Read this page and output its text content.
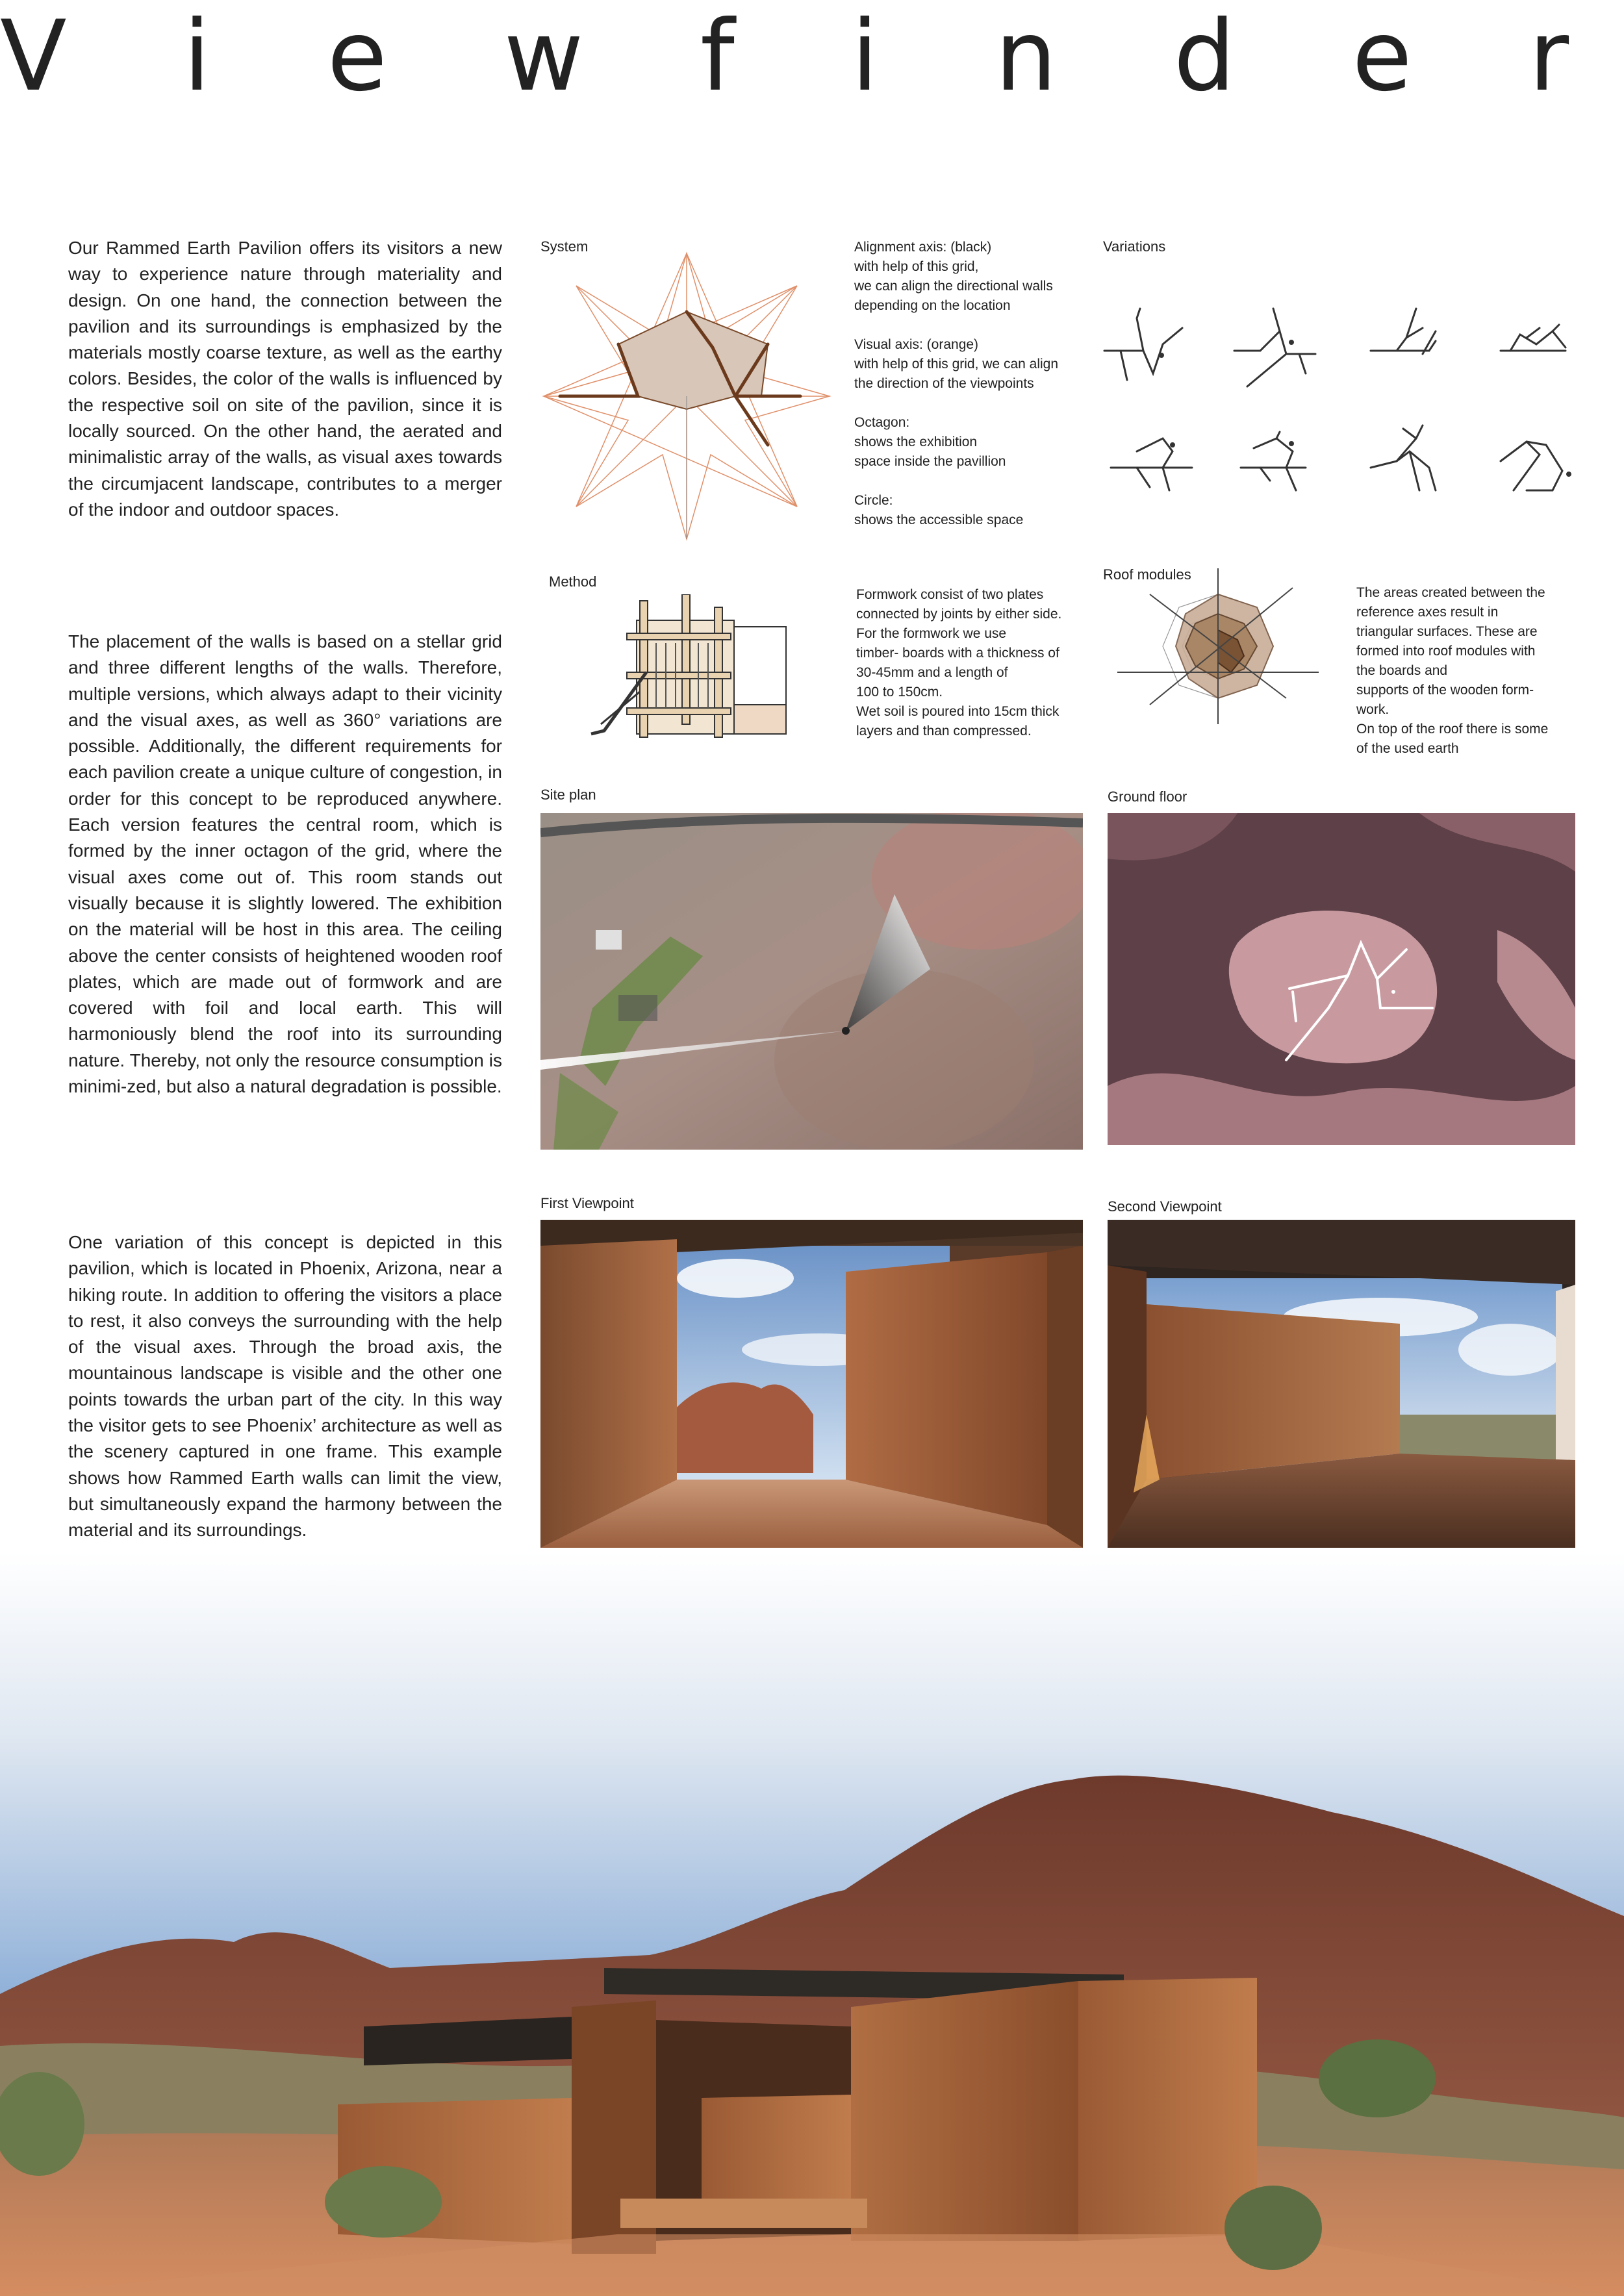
V i e w f i n d e r
Our Rammed Earth Pavilion offers its visitors a new way to experience nature through materiality and design. On one hand, the connection between the pavilion and its surroundings is emphasized by the materials mostly coarse texture, as well as the earthy colors. Besides, the color of the walls is influenced by the respective soil on site of the pavilion, since it is locally sourced. On the other hand, the aerated and minimalistic array of the walls, as visual axes towards the circumjacent landscape, contributes to a merger of the indoor and outdoor spaces.
The placement of the walls is based on a stellar grid and three different lengths of the walls. Therefore, multiple versions, which always adapt to their vicinity and the visual axes, as well as 360° variations are possible. Additionally, the different requirements for each pavilion create a unique culture of congestion, in order for this concept to be reproduced anywhere. Each version features the central room, which is formed by the inner octagon of the grid, where the visual axes come out of. This room stands out visually because it is slightly lowered. The exhibition on the material will be host in this area. The ceiling above the center consists of heightened wooden roof plates, which are made out of formwork and are covered with foil and local earth. This will harmoniously blend the roof into its surrounding nature. Thereby, not only the resource consumption is minimi-zed, but also a natural degradation is possible.
One variation of this concept is depicted in this pavilion, which is located in Phoenix, Arizona, near a hiking route. In addition to offering the visitors a place to rest, it also conveys the surrounding with the help of the visual axes. Through the broad axis, the mountainous landscape is visible and the other one points towards the urban part of the city. In this way the visitor gets to see Phoenix’ architecture as well as the scenery captured in one frame. This example shows how Rammed Earth walls can limit the view, but simultaneously expand the harmony between the material and its surroundings.
System	Alignment axis: (black)
with help of this grid,
we can align the directional walls
depending on the location

Visual axis: (orange)
with help of this grid, we can align
the direction of the viewpoints

Octagon:
shows the exhibition
space inside the pavillion

Circle:
shows the accessible space

Variations
Method
Formwork consist of two plates
connected by joints by either side.
For the formwork we use
timber- boards with a thickness of
30-45mm and a length of
100 to 150cm.
Wet soil is poured into 15cm thick
layers and than compressed.
Roof modules
The areas created between the
reference axes result in
triangular surfaces. These are
formed into roof modules with
the boards and
supports of the wooden form-
work.
On top of the roof there is some
of the used earth
Site plan	Ground floor
First Viewpoint	Second Viewpoint
